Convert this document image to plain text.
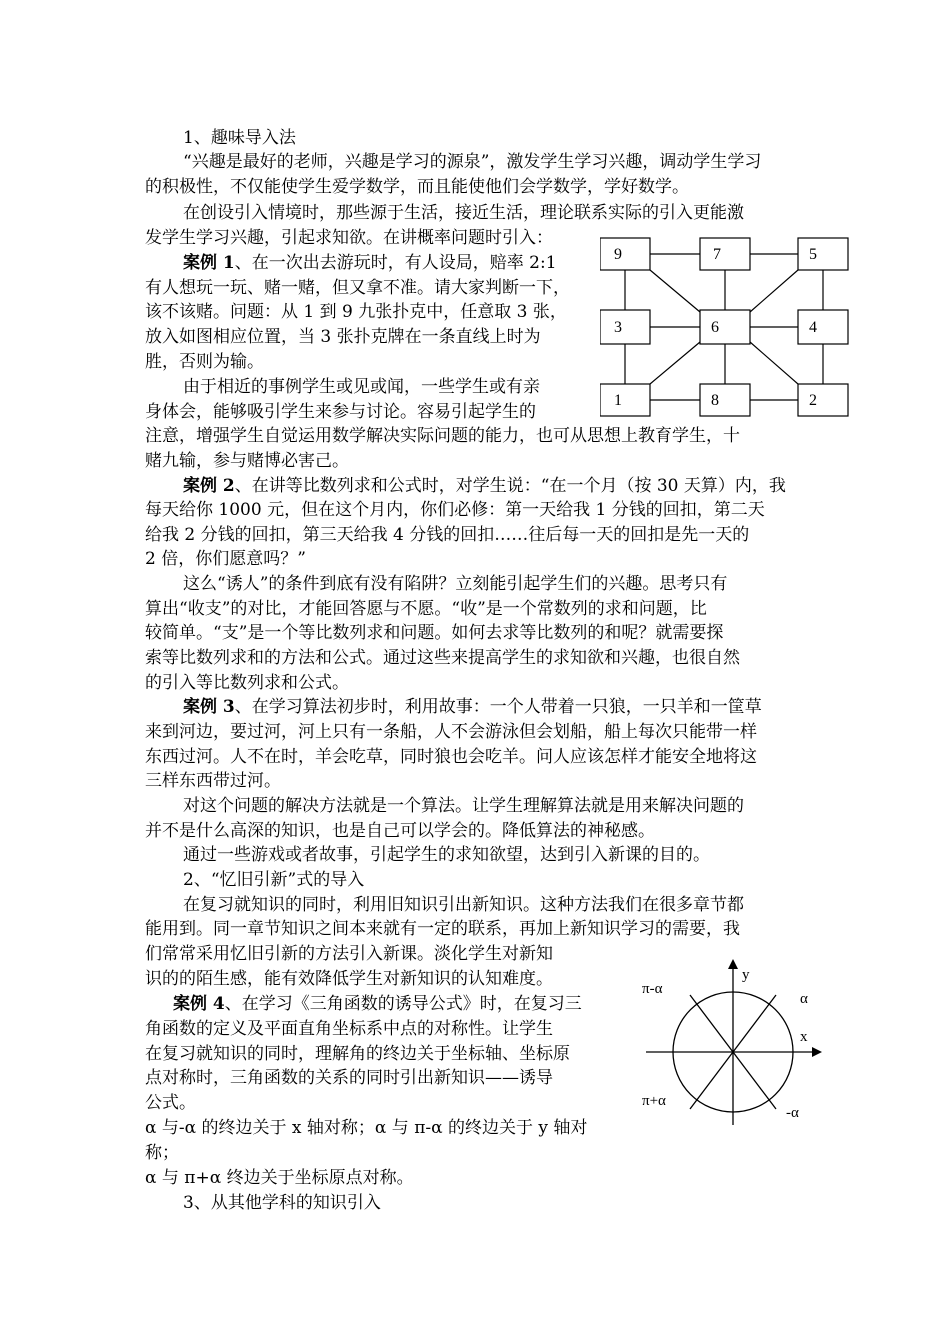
1、趣味导入法
“兴趣是最好的老师，兴趣是学习的源泉”，激发学生学习兴趣，调动学生学习
的积极性，不仅能使学生爱学数学，而且能使他们会学数学，学好数学。
在创设引入情境时，那些源于生活，接近生活，理论联系实际的引入更能激
发学生学习兴趣，引起求知欲。在讲概率问题时引入：
案例 1、在一次出去游玩时，有人设局，赔率 2:1
有人想玩一玩、赌一赌，但又拿不准。请大家判断一下，
该不该赌。问题：从 1 到 9 九张扑克中，任意取 3 张，
放入如图相应位置，当 3 张扑克牌在一条直线上时为
胜，否则为输。
由于相近的事例学生或见或闻，一些学生或有亲
身体会，能够吸引学生来参与讨论。容易引起学生的
注意，增强学生自觉运用数学解决实际问题的能力，也可从思想上教育学生，十
赌九输，参与赌博必害己。
案例 2、在讲等比数列求和公式时，对学生说：“在一个月（按 30 天算）内，我
每天给你 1000 元，但在这个月内，你们必修：第一天给我 1 分钱的回扣，第二天
给我 2 分钱的回扣，第三天给我 4 分钱的回扣……往后每一天的回扣是先一天的
2 倍，你们愿意吗？”
这么“诱人”的条件到底有没有陷阱？立刻能引起学生们的兴趣。思考只有
算出“收支”的对比，才能回答愿与不愿。“收”是一个常数列的求和问题，比
较简单。“支”是一个等比数列求和问题。如何去求等比数列的和呢？就需要探
索等比数列求和的方法和公式。通过这些来提高学生的求知欲和兴趣，也很自然
的引入等比数列求和公式。
案例 3、在学习算法初步时，利用故事：一个人带着一只狼，一只羊和一筐草
来到河边，要过河，河上只有一条船，人不会游泳但会划船，船上每次只能带一样
东西过河。人不在时，羊会吃草，同时狼也会吃羊。问人应该怎样才能安全地将这
三样东西带过河。
对这个问题的解决方法就是一个算法。让学生理解算法就是用来解决问题的
并不是什么高深的知识，也是自己可以学会的。降低算法的神秘感。
通过一些游戏或者故事，引起学生的求知欲望，达到引入新课的目的。
2、“忆旧引新”式的导入
在复习就知识的同时，利用旧知识引出新知识。这种方法我们在很多章节都
能用到。同一章节知识之间本来就有一定的联系，再加上新知识学习的需要，我
们常常采用忆旧引新的方法引入新课。淡化学生对新知
识的的陌生感，能有效降低学生对新知识的认知难度。
案例 4、在学习《三角函数的诱导公式》时，在复习三
角函数的定义及平面直角坐标系中点的对称性。让学生
在复习就知识的同时，理解角的终边关于坐标轴、坐标原
点对称时，三角函数的关系的同时引出新知识——诱导
公式。
α 与-α 的终边关于 x 轴对称；α 与 π-α 的终边关于 y 轴对
称；
α 与 π+α 终边关于坐标原点对称。
3、从其他学科的知识引入
9	7	5
3	6	4
1	8	2
y
x
π-α
α
π+α
-α
